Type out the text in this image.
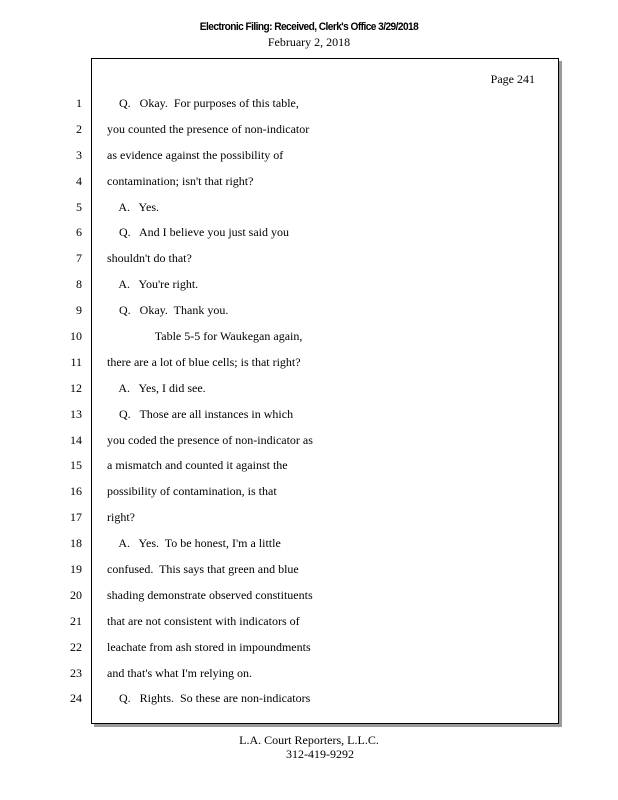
Electronic Filing: Received, Clerk's Office 3/29/2018
February 2, 2018
Page 241
1
2
3
4
5
6
7
8
9
10
11
12
13
14
15
16
17
18
19
20
21
22
23
24
Q.   Okay.  For purposes of this table,
you counted the presence of non-indicator
as evidence against the possibility of
contamination; isn't that right?
A.   Yes.
Q.   And I believe you just said you
shouldn't do that?
A.   You're right.
Q.   Okay.  Thank you.
Table 5-5 for Waukegan again,
there are a lot of blue cells; is that right?
A.   Yes, I did see.
Q.   Those are all instances in which
you coded the presence of non-indicator as
a mismatch and counted it against the
possibility of contamination, is that
right?
A.   Yes.  To be honest, I'm a little
confused.  This says that green and blue
shading demonstrate observed constituents
that are not consistent with indicators of
leachate from ash stored in impoundments
and that's what I'm relying on.
Q.   Rights.  So these are non-indicators
L.A. Court Reporters, L.L.C.
312-419-9292
